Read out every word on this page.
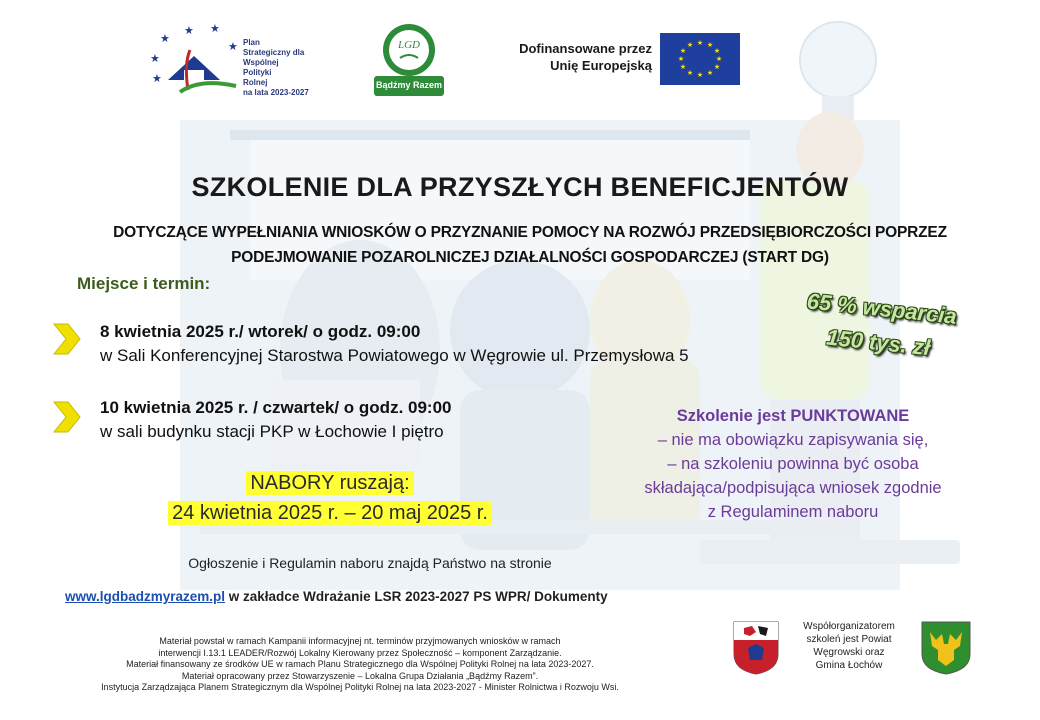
★
★ ★
★
★
★
Plan
Strategiczny dla
Wspólnej
Polityki
Rolnej
na lata 2023-2027
LGD
Bądźmy Razem
Dofinansowane przez
Unię Europejską
★ ★
★
★
★
★
★
★
★
★
★
★
SZKOLENIE DLA PRZYSZŁYCH BENEFICJENTÓW
DOTYCZĄCE WYPEŁNIANIA WNIOSKÓW O PRZYZNANIE POMOCY NA ROZWÓJ PRZEDSIĘBIORCZOŚCI POPRZEZ
PODEJMOWANIE POZAROLNICZEJ DZIAŁALNOŚCI GOSPODARCZEJ (START DG)
Miejsce i termin:
8 kwietnia 2025 r./ wtorek/ o godz. 09:00
w Sali Konferencyjnej Starostwa Powiatowego w Węgrowie ul. Przemysłowa 5
10 kwietnia 2025 r. / czwartek/ o godz. 09:00
w sali budynku stacji PKP w Łochowie I piętro
65 % wsparcia
150 tys. zł
Szkolenie jest PUNKTOWANE
– nie ma obowiązku zapisywania się,
– na szkoleniu powinna być osoba
składająca/podpisująca wniosek zgodnie
z Regulaminem naboru
NABORY ruszają:
24 kwietnia 2025 r. – 20 maj 2025 r.
Ogłoszenie i Regulamin naboru znajdą Państwo na stronie
www.lgdbadzmyrazem.pl w zakładce Wdrażanie LSR 2023-2027 PS WPR/ Dokumenty
Materiał powstał w ramach Kampanii informacyjnej nt. terminów przyjmowanych wniosków w ramach
interwencji I.13.1 LEADER/Rozwój Lokalny Kierowany przez Społeczność – komponent Zarządzanie.
Materiał finansowany ze środków UE w ramach Planu Strategicznego dla Wspólnej Polityki Rolnej na lata 2023-2027.
Materiał opracowany przez Stowarzyszenie – Lokalna Grupa Działania „Bądźmy Razem”.
Instytucja Zarządzająca Planem Strategicznym dla Wspólnej Polityki Rolnej na lata 2023-2027 - Minister Rolnictwa i Rozwoju Wsi.
Współorganizatorem
szkoleń jest Powiat
Węgrowski oraz
Gmina Łochów
